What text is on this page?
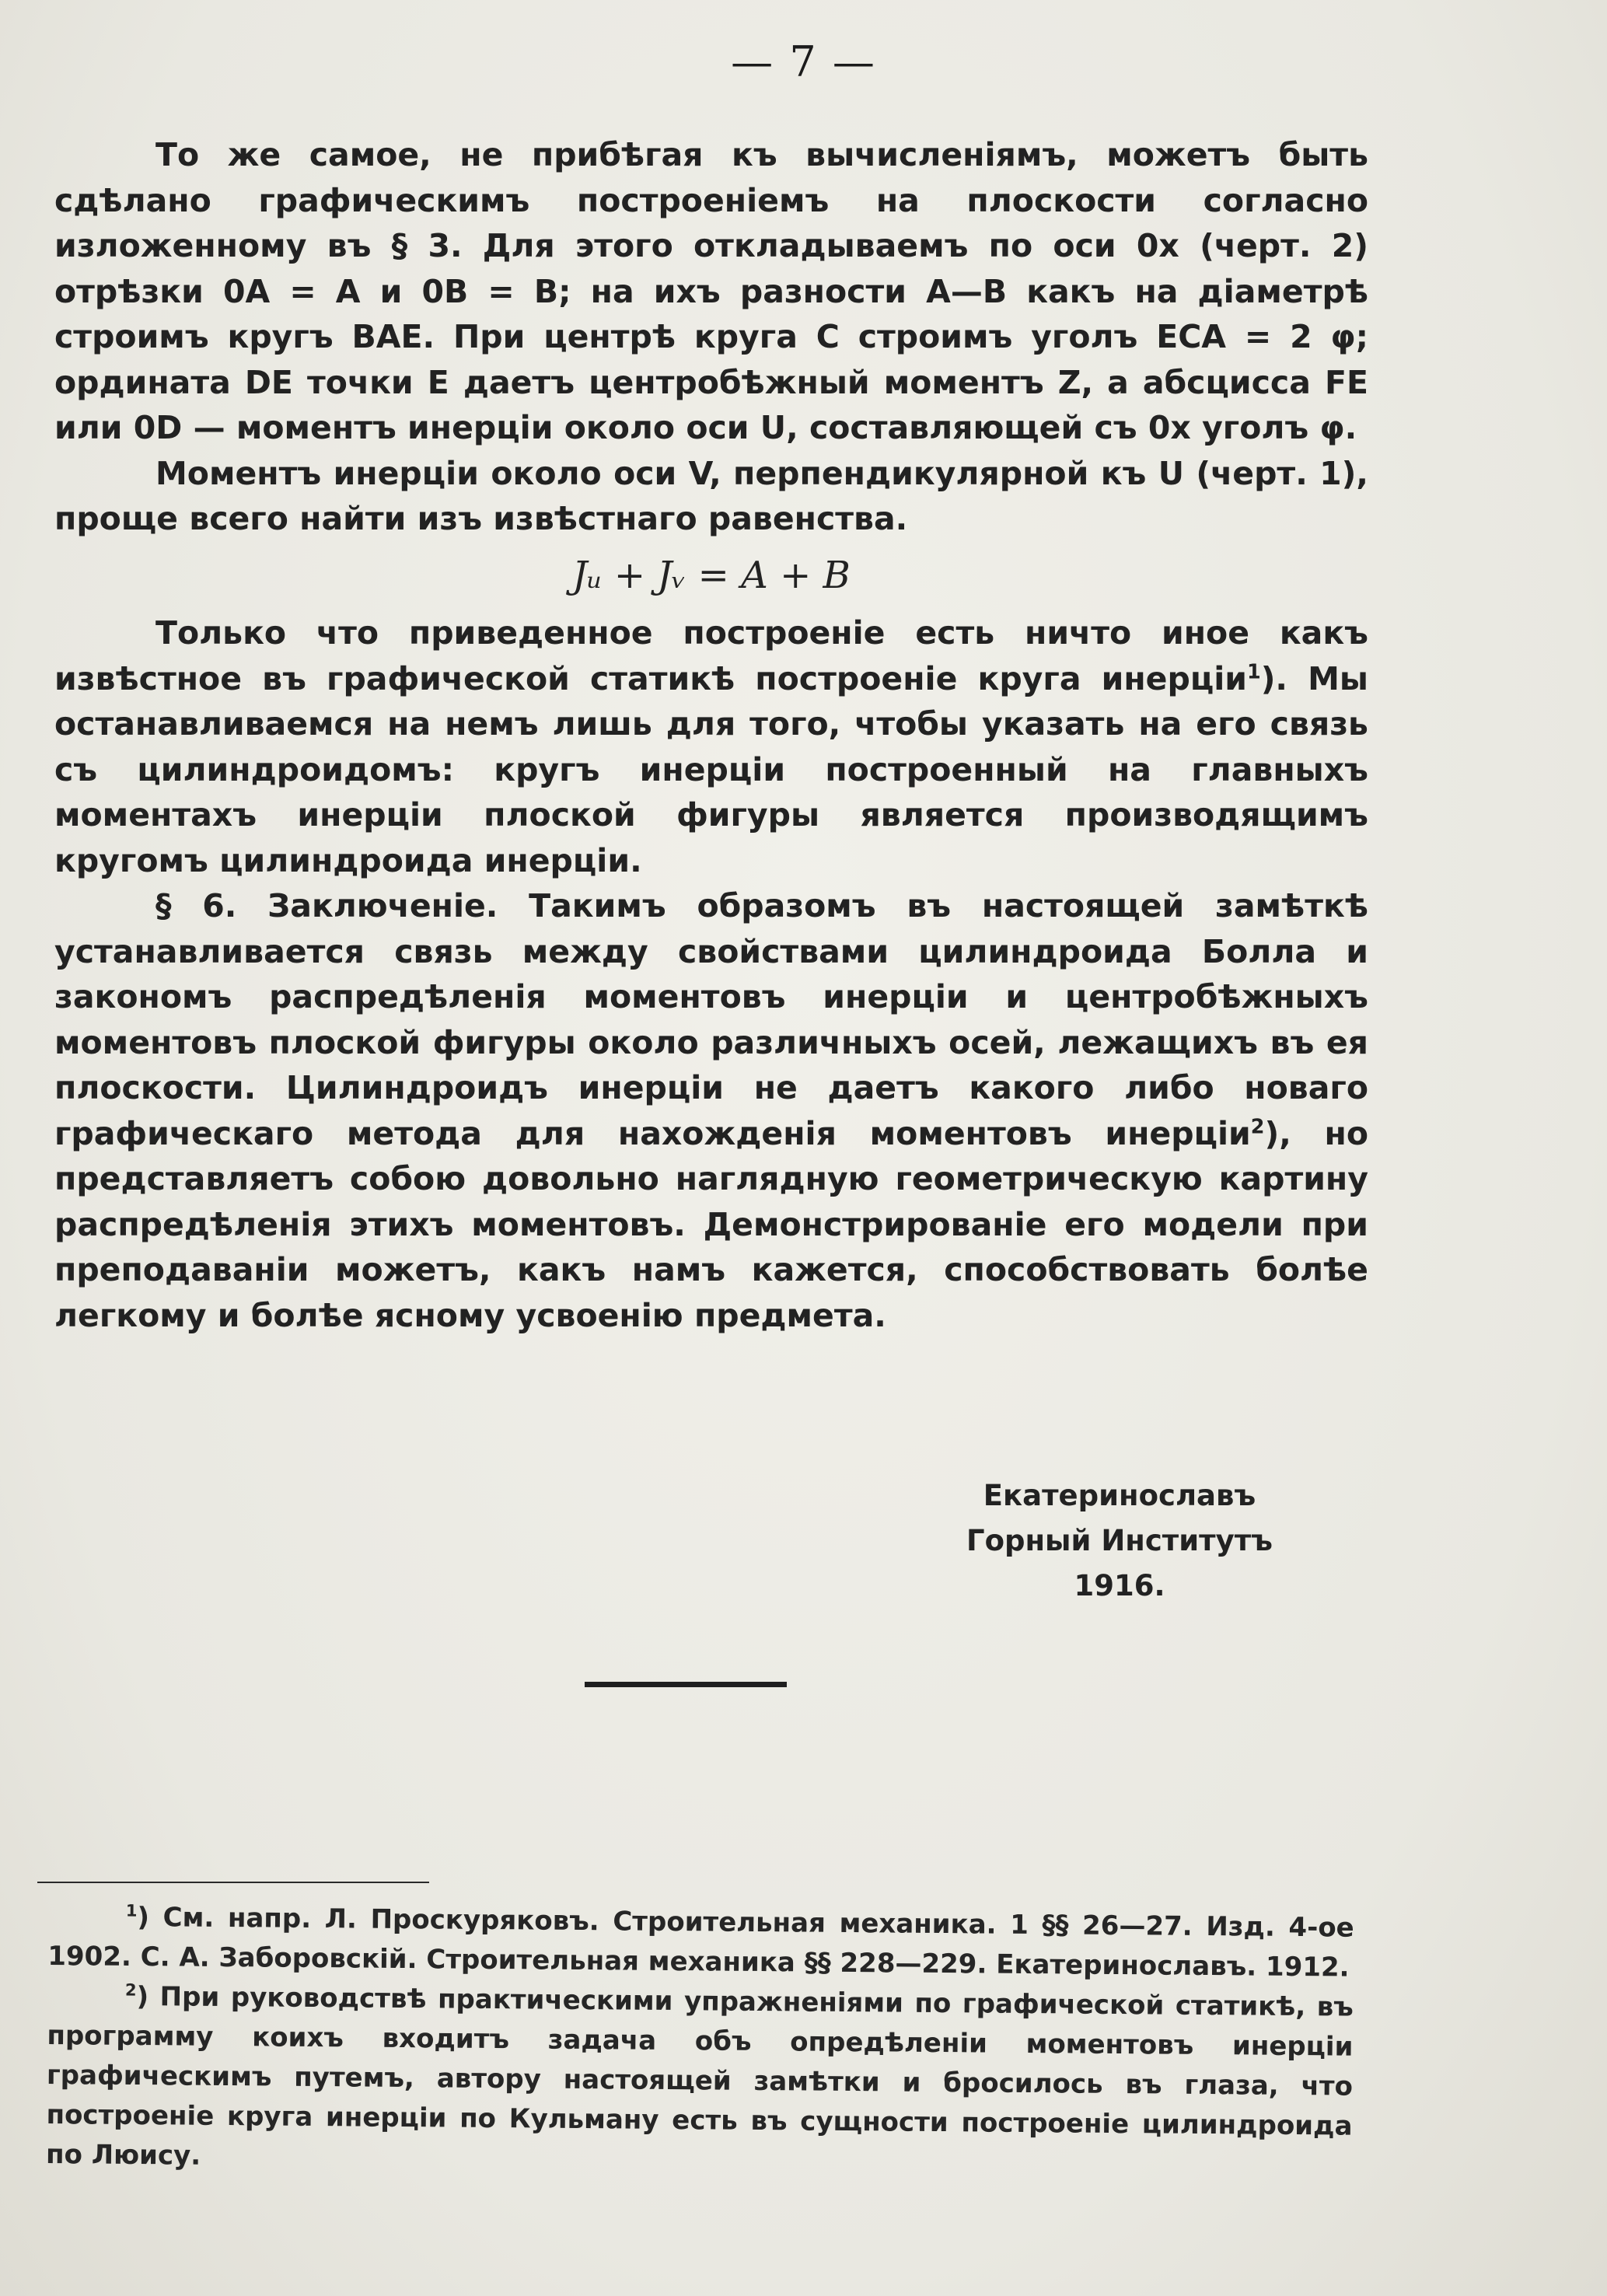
— 7 —

То же самое, не прибѣгая къ вычисленіямъ, можетъ быть сдѣлано графическимъ построеніемъ на плоскости согласно изложенному въ § 3. Для этого откладываемъ по оси 0x (черт. 2) отрѣзки 0A = A и 0B = B; на ихъ разности A—B какъ на діаметрѣ строимъ кругъ BAE. При центрѣ круга C строимъ уголъ ECA = 2 φ; ордината DE точки E даетъ центробѣжный моментъ Z, а абсцисса FE или 0D — моментъ инерціи около оси U, составляющей съ 0x уголъ φ.

Моментъ инерціи около оси V, перпендикулярной къ U (черт. 1), проще всего найти изъ извѣстнаго равенства.

Jᵤ + Jᵥ = A + B

Только что приведенное построеніе есть ничто иное какъ извѣстное въ графической статикѣ построеніе круга инерціи$^1$). Мы останавливаемся на немъ лишь для того, чтобы указать на его связь съ цилиндроидомъ: кругъ инерціи построенный на главныхъ моментахъ инерціи плоской фигуры является производящимъ кругомъ цилиндроида инерціи.

§ 6. Заключеніе. Такимъ образомъ въ настоящей замѣткѣ устанавливается связь между свойствами цилиндроида Болла и закономъ распредѣленія моментовъ инерціи и центробѣжныхъ моментовъ плоской фигуры около различныхъ осей, лежащихъ въ ея плоскости. Цилиндроидъ инерціи не даетъ какого либо новаго графическаго метода для нахожденія моментовъ инерціи$^2$), но представляетъ собою довольно наглядную геометрическую картину распредѣленія этихъ моментовъ. Демонстрированіе его модели при преподаваніи можетъ, какъ намъ кажется, способствовать болѣе легкому и болѣе ясному усвоенію предмета.

Екатеринославъ
Горный Институтъ
1916.

$^1$) См. напр. Л. Проскуряковъ. Строительная механика. 1 §§ 26—27. Изд. 4-ое 1902. С. А. Заборовскій. Строительная механика §§ 228—229. Екатеринославъ. 1912.

$^2$) При руководствѣ практическими упражненіями по графической статикѣ, въ программу коихъ входитъ задача объ опредѣленіи моментовъ инерціи графическимъ путемъ, автору настоящей замѣтки и бросилось въ глаза, что построеніе круга инерціи по Кульману есть въ сущности построеніе цилиндроида по Люису.
